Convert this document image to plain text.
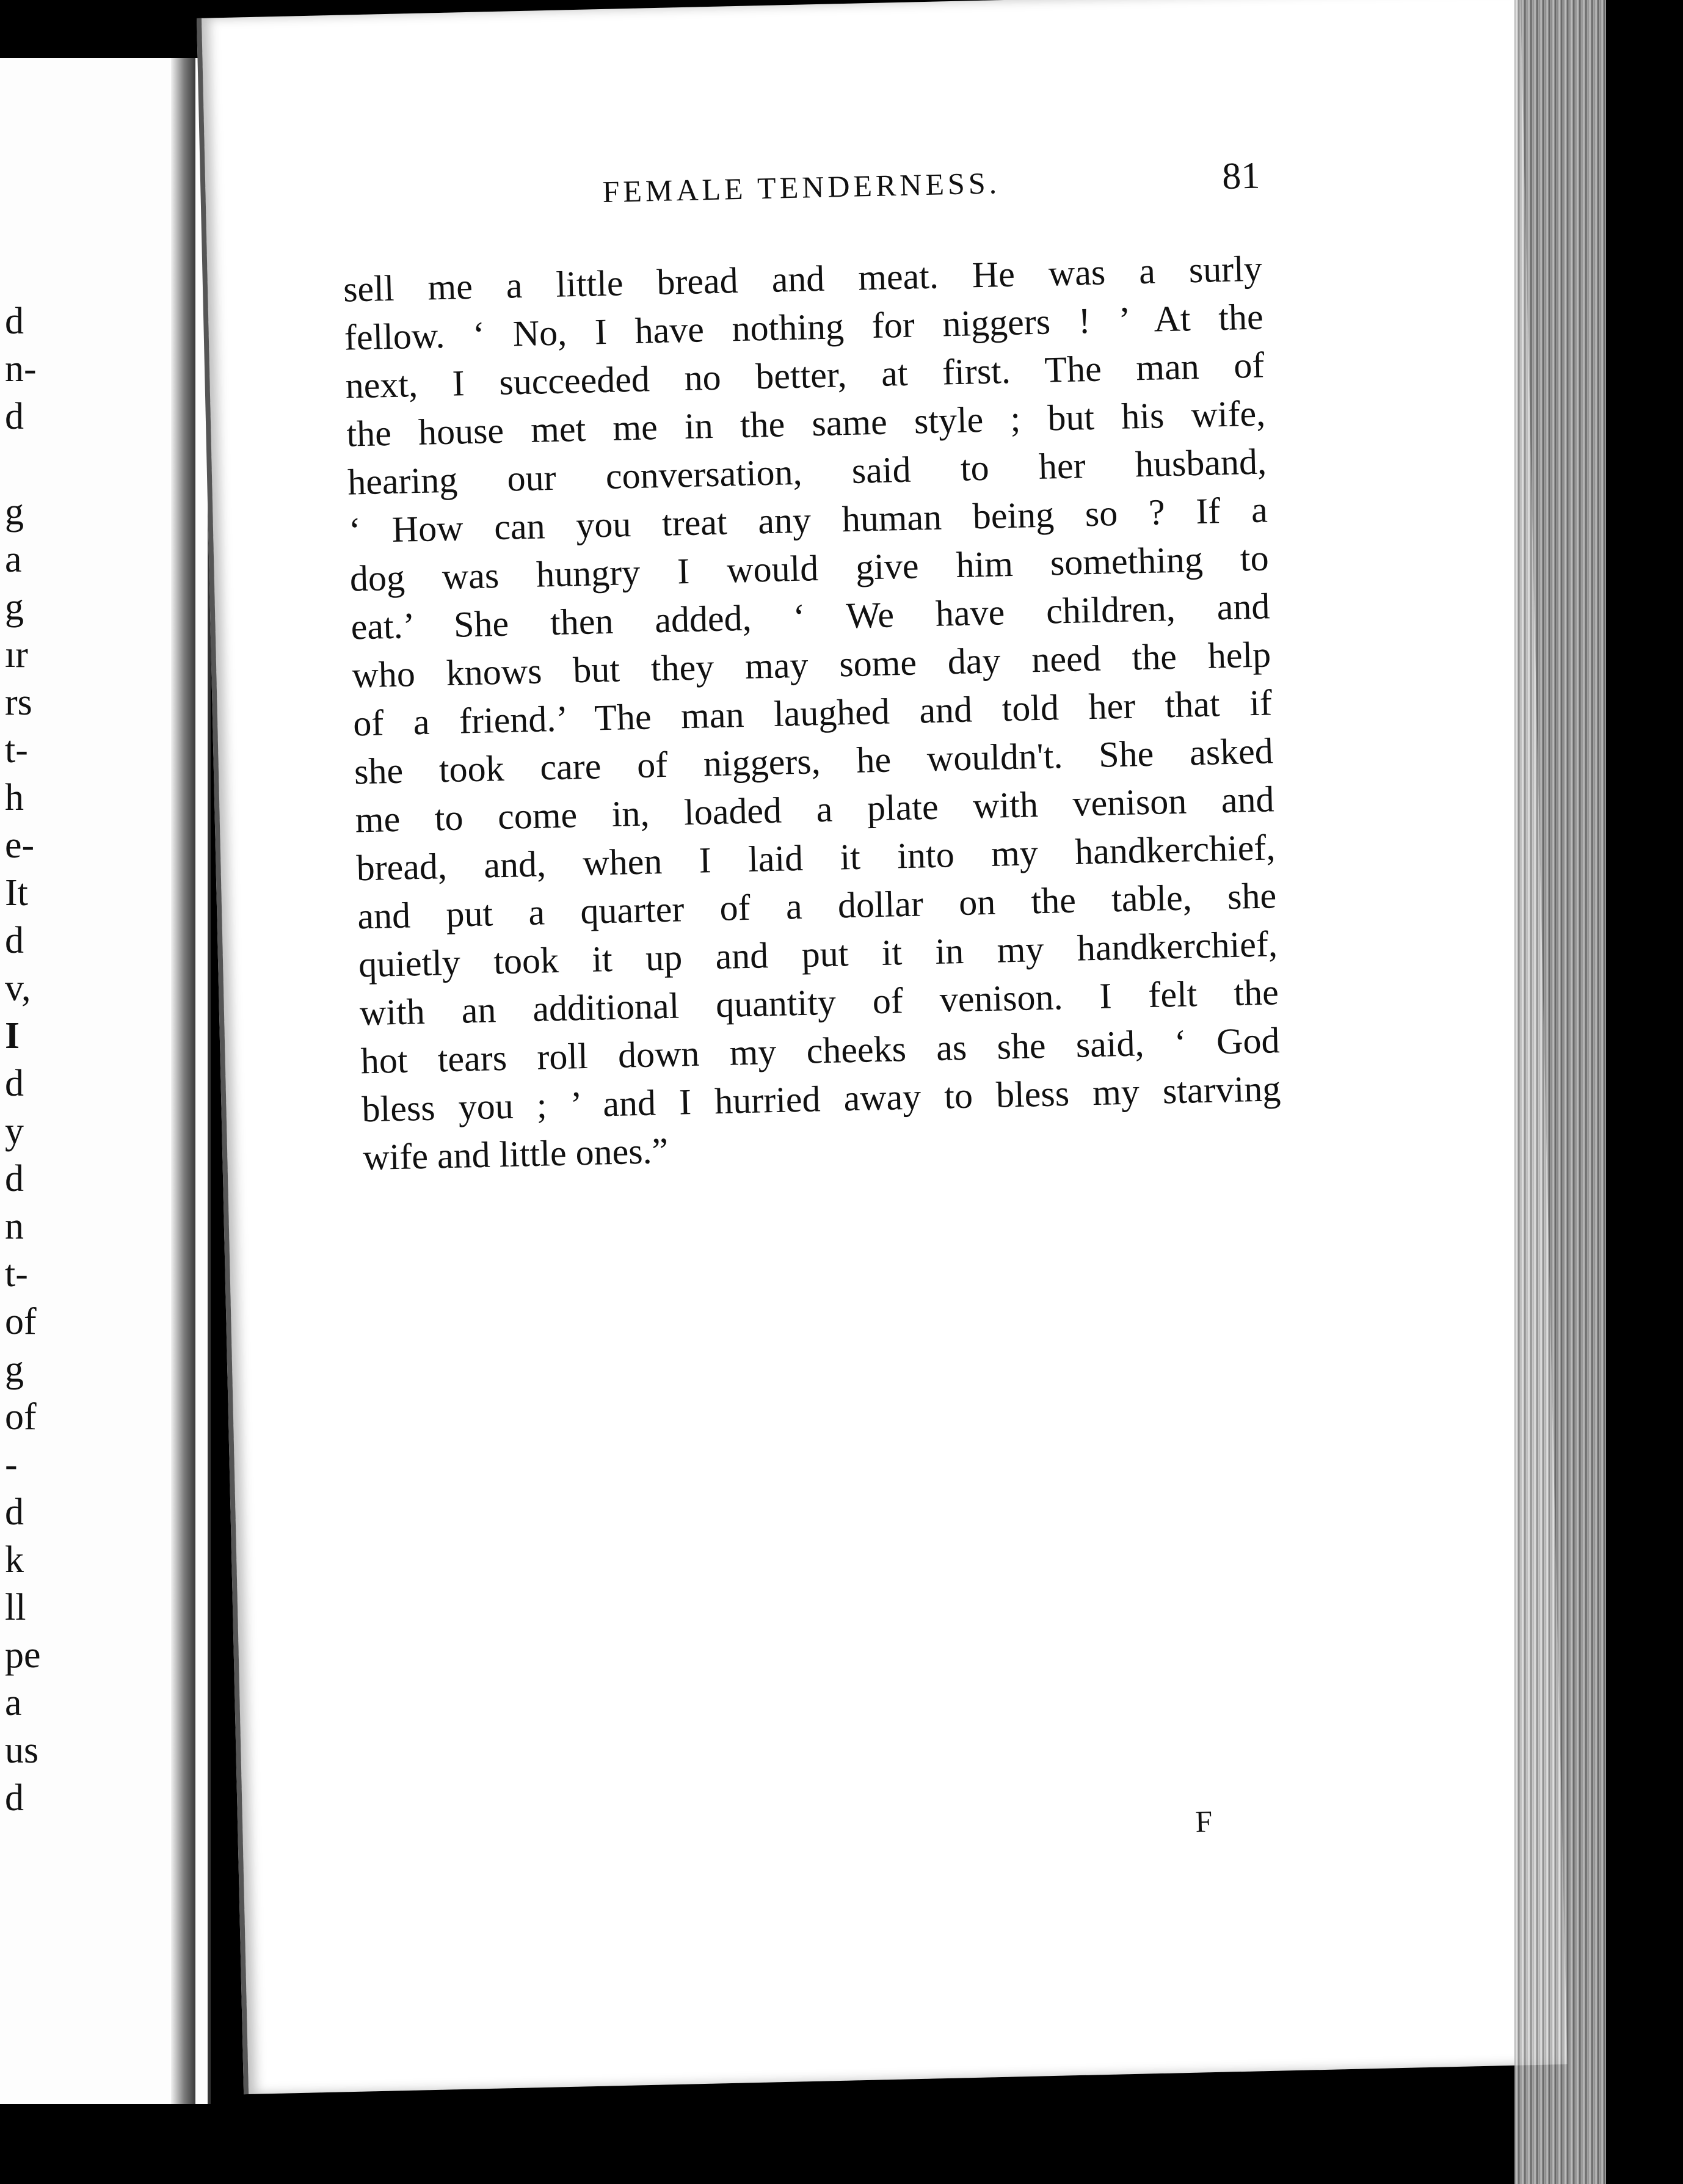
d
n-
d
g
a
g
ır
rs
t-
h
e-
It
d
v,
I
d
y
d
n
t-
of
g
of
-
d
k
ll
pe
a
us
d
FEMALE TENDERNESS.	81
sell me a little bread and meat. He was a surly
fellow. ‘ No, I have nothing for niggers ! ’ At the
next, I succeeded no better, at first. The man of
the house met me in the same style ; but his wife,
hearing our conversation, said to her husband,
‘ How can you treat any human being so ? If a
dog was hungry I would give him something to
eat.’ She then added, ‘ We have children, and
who knows but they may some day need the help
of a friend.’ The man laughed and told her that if
she took care of niggers, he wouldn't. She asked
me to come in, loaded a plate with venison and
bread, and, when I laid it into my handkerchief,
and put a quarter of a dollar on the table, she
quietly took it up and put it in my handkerchief,
with an additional quantity of venison. I felt the
hot tears roll down my cheeks as she said, ‘ God
bless you ; ’ and I hurried away to bless my starving
wife and little ones.”
F
